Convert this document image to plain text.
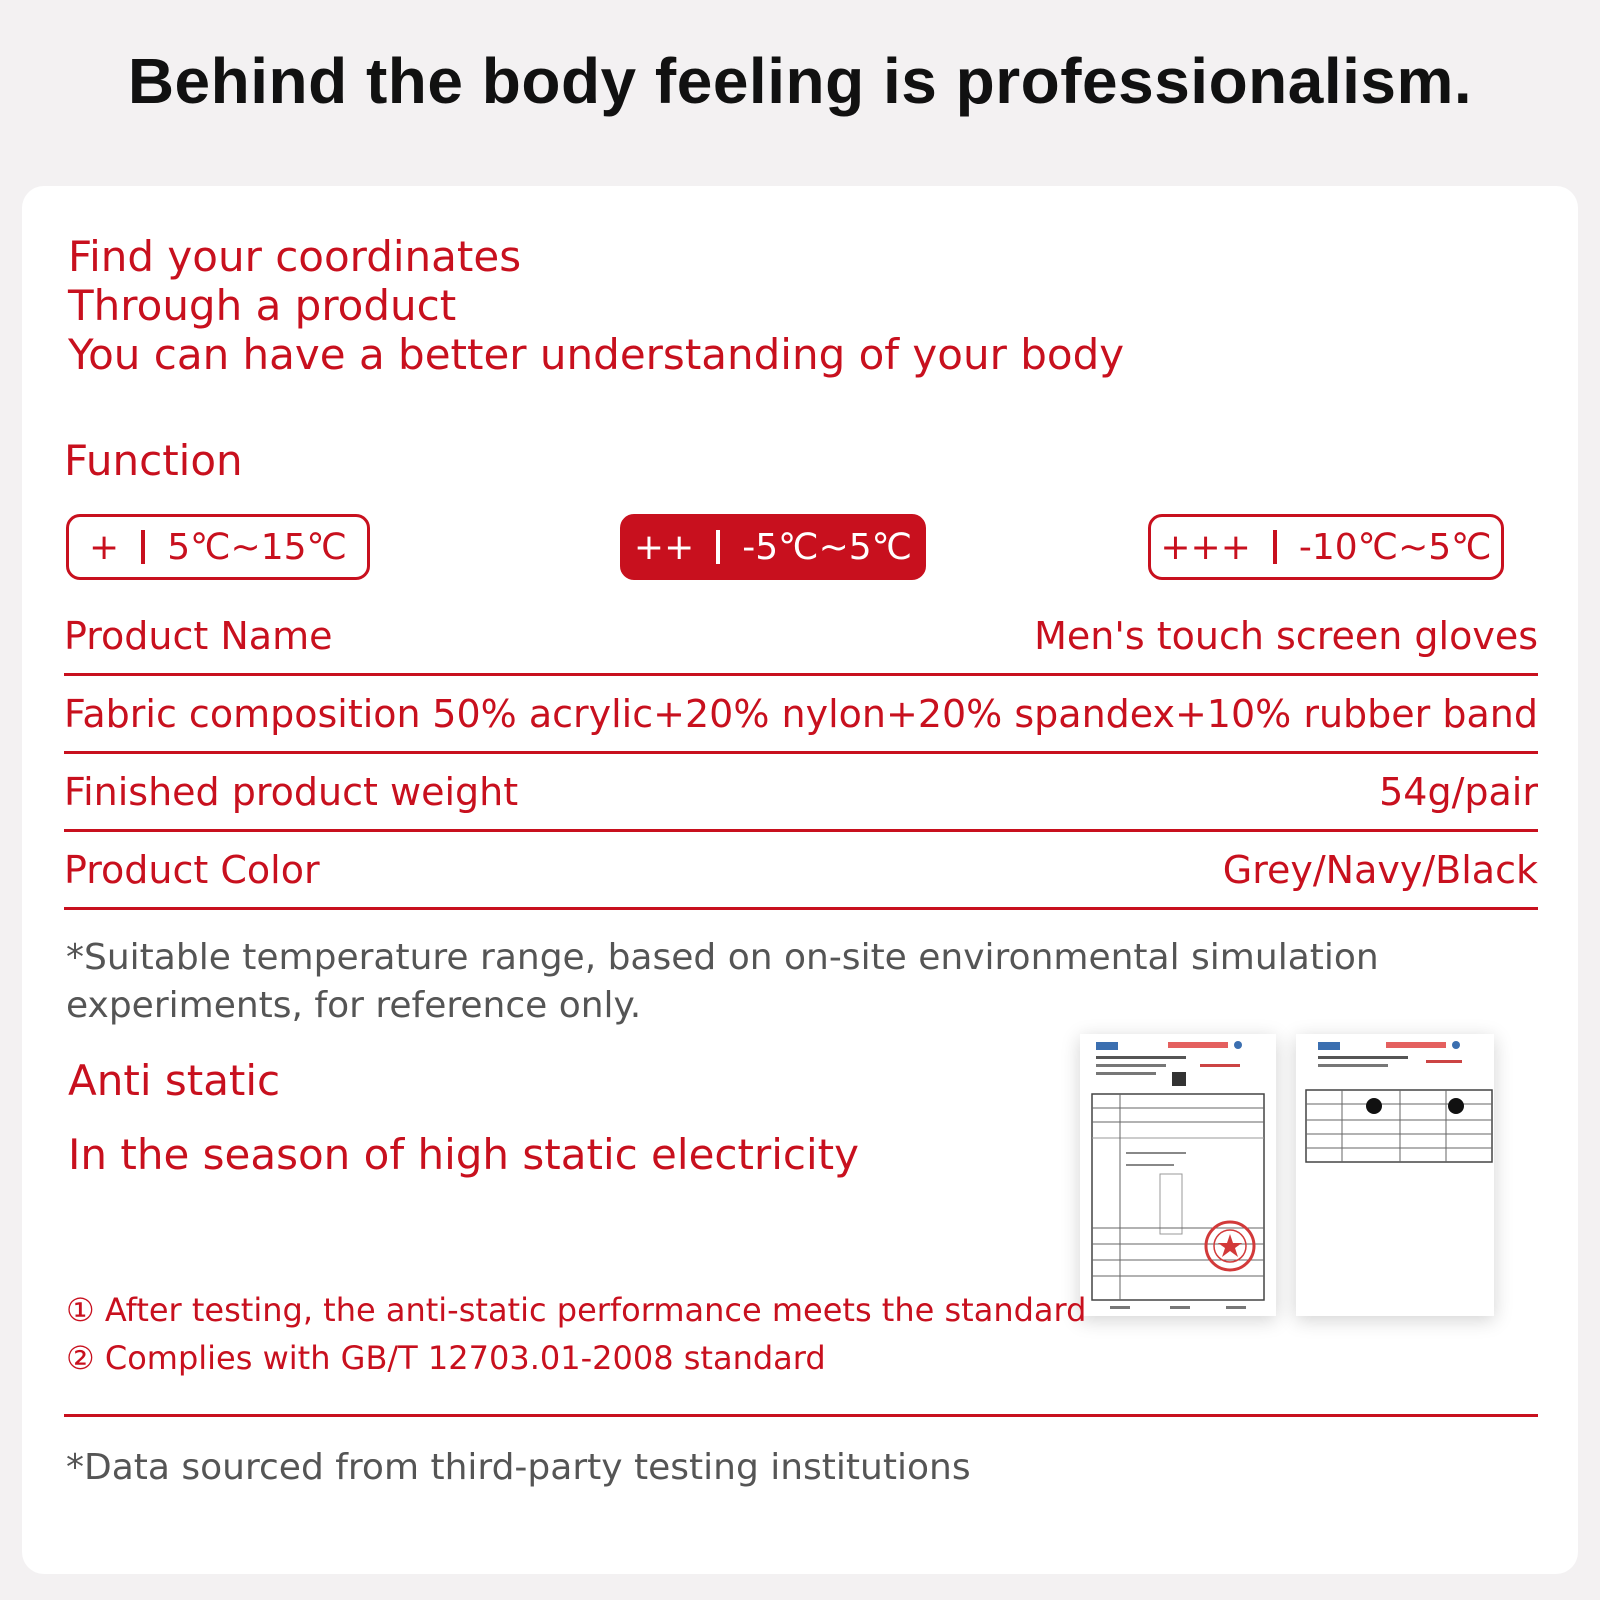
Behind the body feeling is professionalism.
Find your coordinates
Through a product
You can have a better understanding of your body
Function
+ 5℃~15℃	++ -5℃~5℃	+++ -10℃~5℃
Product Name	Men's touch screen gloves
Fabric composition 50% acrylic+20% nylon+20% spandex+10% rubber band
Finished product weight	54g/pair
Product Color	Grey/Navy/Black

*Suitable temperature range, based on on-site environmental simulation experiments, for reference only.

Anti static
In the season of high static electricity
① After testing, the anti-static performance meets the standard
② Complies with GB/T 12703.01-2008 standard

*Data sourced from third-party testing institutions
